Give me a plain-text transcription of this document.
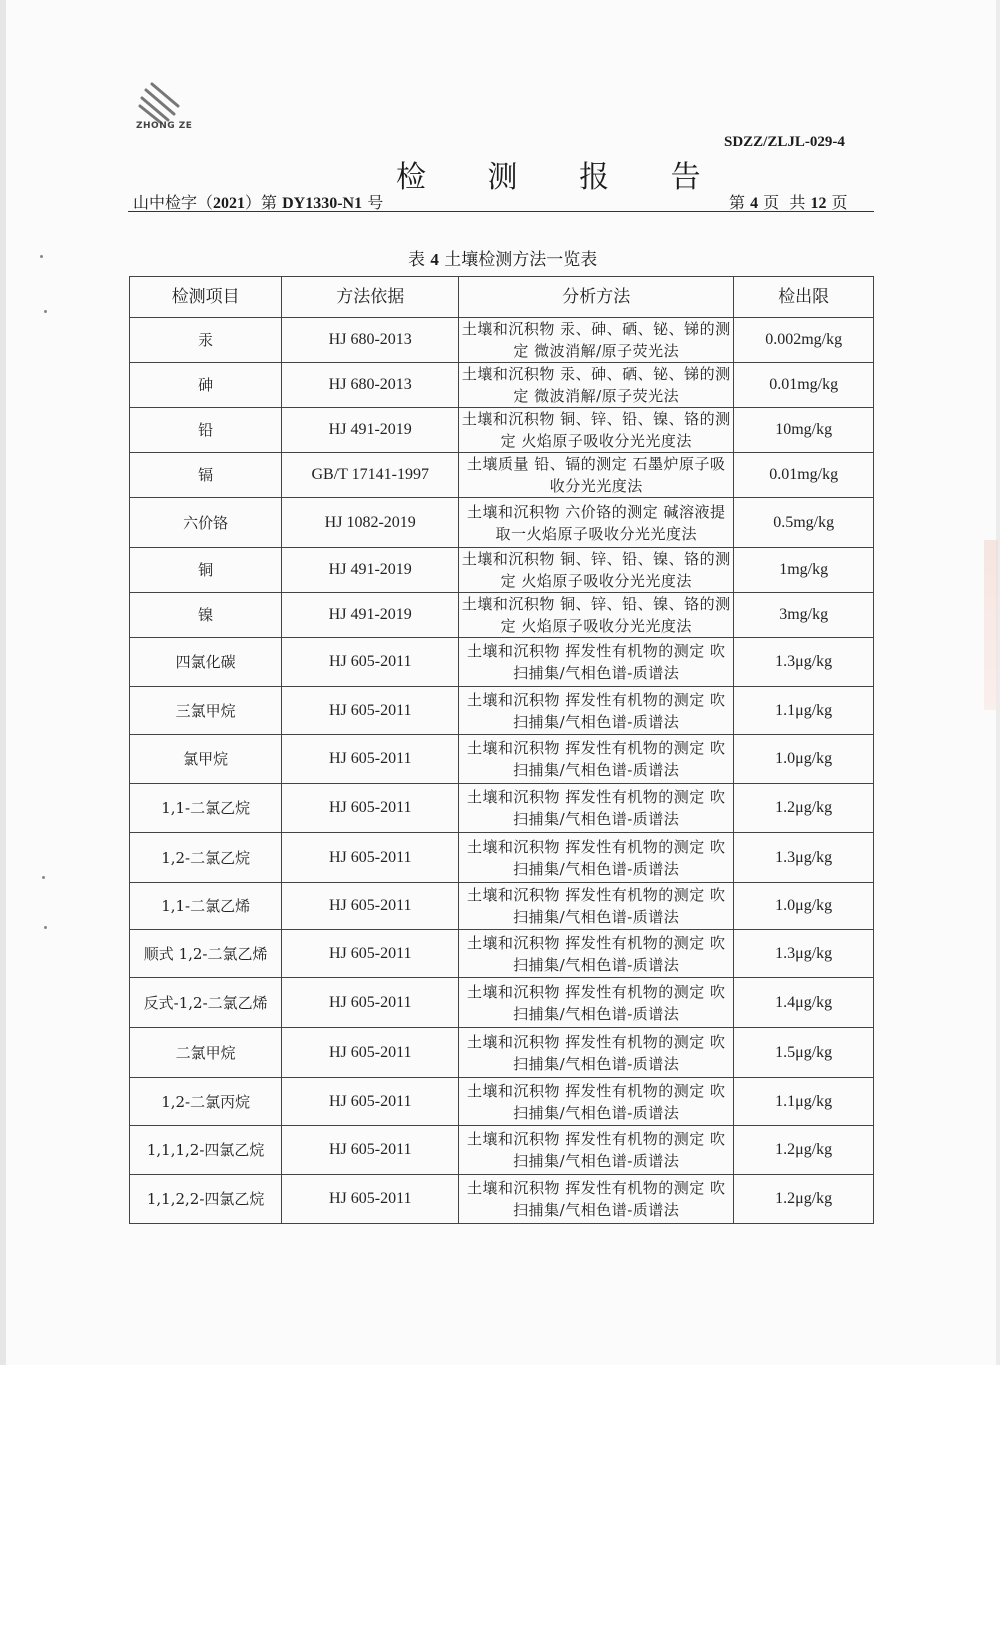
ZHONG ZE
SDZZ/ZLJL-029-4
检 测 报 告
山中检字（2021）第 DY1330-N1 号	第 4 页  共 12 页
表 4 土壤检测方法一览表
检测项目	方法依据	分析方法	检出限
汞	HJ 680-2013	土壤和沉积物 汞、砷、硒、铋、锑的测定 微波消解/原子荧光法	0.002mg/kg
砷	HJ 680-2013	土壤和沉积物 汞、砷、硒、铋、锑的测定 微波消解/原子荧光法	0.01mg/kg
铅	HJ 491-2019	土壤和沉积物 铜、锌、铅、镍、铬的测定 火焰原子吸收分光光度法	10mg/kg
镉	GB/T 17141-1997	土壤质量 铅、镉的测定 石墨炉原子吸收分光光度法	0.01mg/kg
六价铬	HJ 1082-2019	土壤和沉积物 六价铬的测定 碱溶液提取一火焰原子吸收分光光度法	0.5mg/kg
铜	HJ 491-2019	土壤和沉积物 铜、锌、铅、镍、铬的测定 火焰原子吸收分光光度法	1mg/kg
镍	HJ 491-2019	土壤和沉积物 铜、锌、铅、镍、铬的测定 火焰原子吸收分光光度法	3mg/kg
四氯化碳	HJ 605-2011	土壤和沉积物 挥发性有机物的测定 吹扫捕集/气相色谱-质谱法	1.3μg/kg
三氯甲烷	HJ 605-2011	土壤和沉积物 挥发性有机物的测定 吹扫捕集/气相色谱-质谱法	1.1μg/kg
氯甲烷	HJ 605-2011	土壤和沉积物 挥发性有机物的测定 吹扫捕集/气相色谱-质谱法	1.0μg/kg
1,1-二氯乙烷	HJ 605-2011	土壤和沉积物 挥发性有机物的测定 吹扫捕集/气相色谱-质谱法	1.2μg/kg
1,2-二氯乙烷	HJ 605-2011	土壤和沉积物 挥发性有机物的测定 吹扫捕集/气相色谱-质谱法	1.3μg/kg
1,1-二氯乙烯	HJ 605-2011	土壤和沉积物 挥发性有机物的测定 吹扫捕集/气相色谱-质谱法	1.0μg/kg
顺式 1,2-二氯乙烯	HJ 605-2011	土壤和沉积物 挥发性有机物的测定 吹扫捕集/气相色谱-质谱法	1.3μg/kg
反式-1,2-二氯乙烯	HJ 605-2011	土壤和沉积物 挥发性有机物的测定 吹扫捕集/气相色谱-质谱法	1.4μg/kg
二氯甲烷	HJ 605-2011	土壤和沉积物 挥发性有机物的测定 吹扫捕集/气相色谱-质谱法	1.5μg/kg
1,2-二氯丙烷	HJ 605-2011	土壤和沉积物 挥发性有机物的测定 吹扫捕集/气相色谱-质谱法	1.1μg/kg
1,1,1,2-四氯乙烷	HJ 605-2011	土壤和沉积物 挥发性有机物的测定 吹扫捕集/气相色谱-质谱法	1.2μg/kg
1,1,2,2-四氯乙烷	HJ 605-2011	土壤和沉积物 挥发性有机物的测定 吹扫捕集/气相色谱-质谱法	1.2μg/kg
